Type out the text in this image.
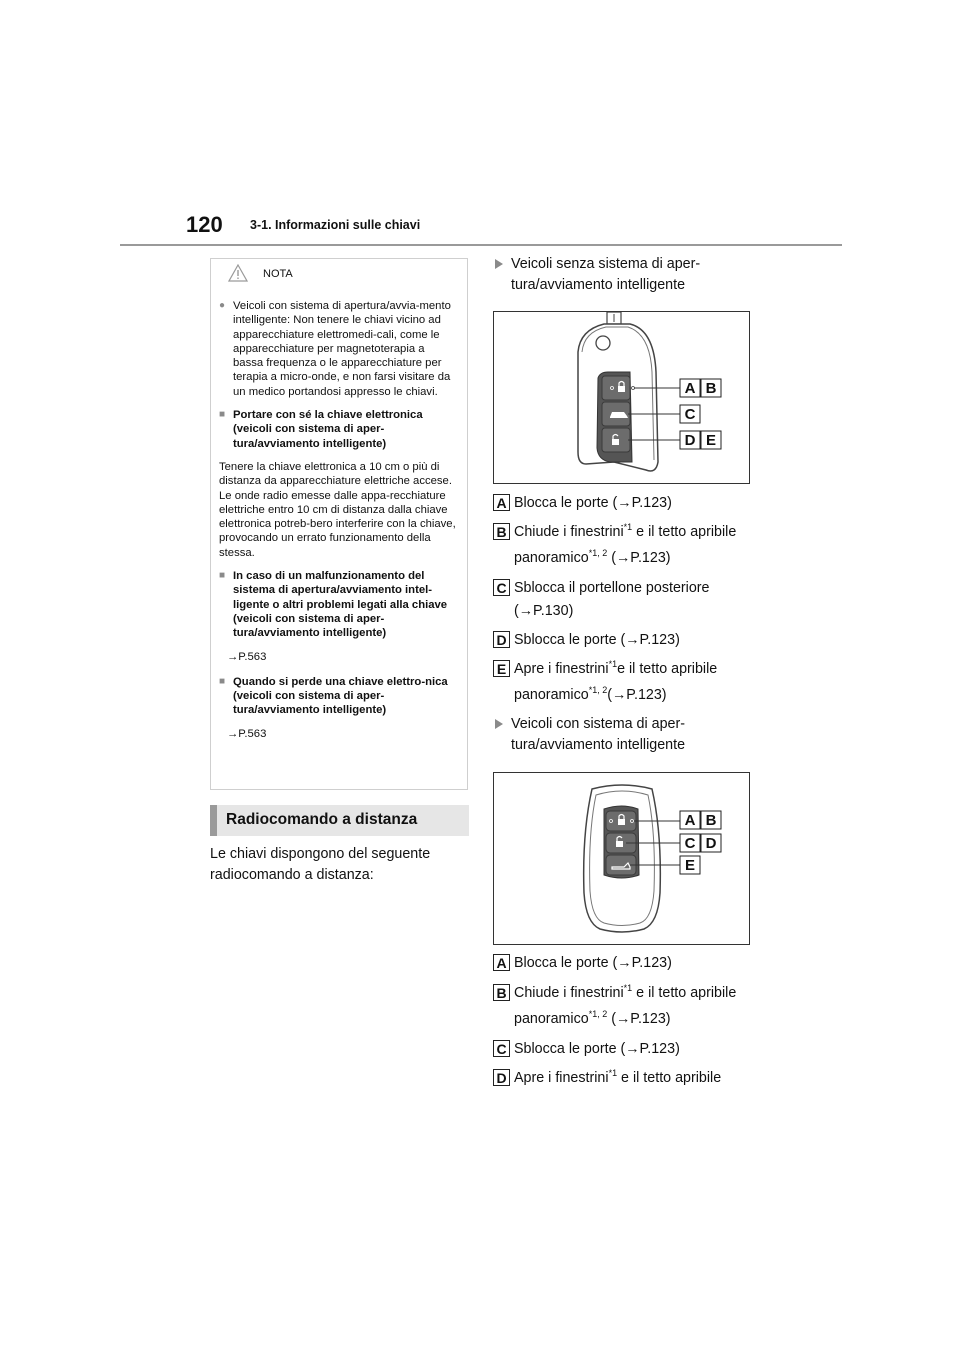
120 3-1. Informazioni sulle chiavi
NOTA
● Veicoli con sistema di apertura/avvia-mento intelligente: Non tenere le chiavi vicino ad apparecchiature elettromedi-cali, come le apparecchiature per magnetoterapia a bassa frequenza o le apparecchiature per terapia a micro-onde, e non farsi visitare da un medico portandosi appresso le chiavi.
■ Portare con sé la chiave elettronica (veicoli con sistema di aper-tura/avviamento intelligente)

Tenere la chiave elettronica a 10 cm o più di distanza da apparecchiature elettriche accese. Le onde radio emesse dalle appa-recchiature elettriche entro 10 cm di distanza dalla chiave elettronica potreb-bero interferire con la chiave, provocando un errato funzionamento della stessa.

■ In caso di un malfunzionamento del sistema di apertura/avviamento intel-ligente o altri problemi legati alla chiave (veicoli con sistema di aper-tura/avviamento intelligente)

→P.563

■ Quando si perde una chiave elettro-nica (veicoli con sistema di aper-tura/avviamento intelligente)

→P.563

Radiocomando a distanza
Le chiavi dispongono del seguente radiocomando a distanza:
Veicoli senza sistema di aper-
tura/avviamento intelligente
A B
C
D E
A Blocca le porte (→P.123)
B Chiude i finestrini$^{*1}$ e il tetto apribile
panoramico$^{*1, 2}$ (→P.123)
C Sblocca il portellone posteriore
(→P.130)
D Sblocca le porte (→P.123)
E Apre i finestrini$^{*1}$e il tetto apribile
panoramico$^{*1, 2}$(→P.123)
Veicoli con sistema di aper-
tura/avviamento intelligente
A B
C D
E
A Blocca le porte (→P.123)
B Chiude i finestrini$^{*1}$ e il tetto apribile
panoramico$^{*1, 2}$ (→P.123)
C Sblocca le porte (→P.123)
D Apre i finestrini$^{*1}$ e il tetto apribile
